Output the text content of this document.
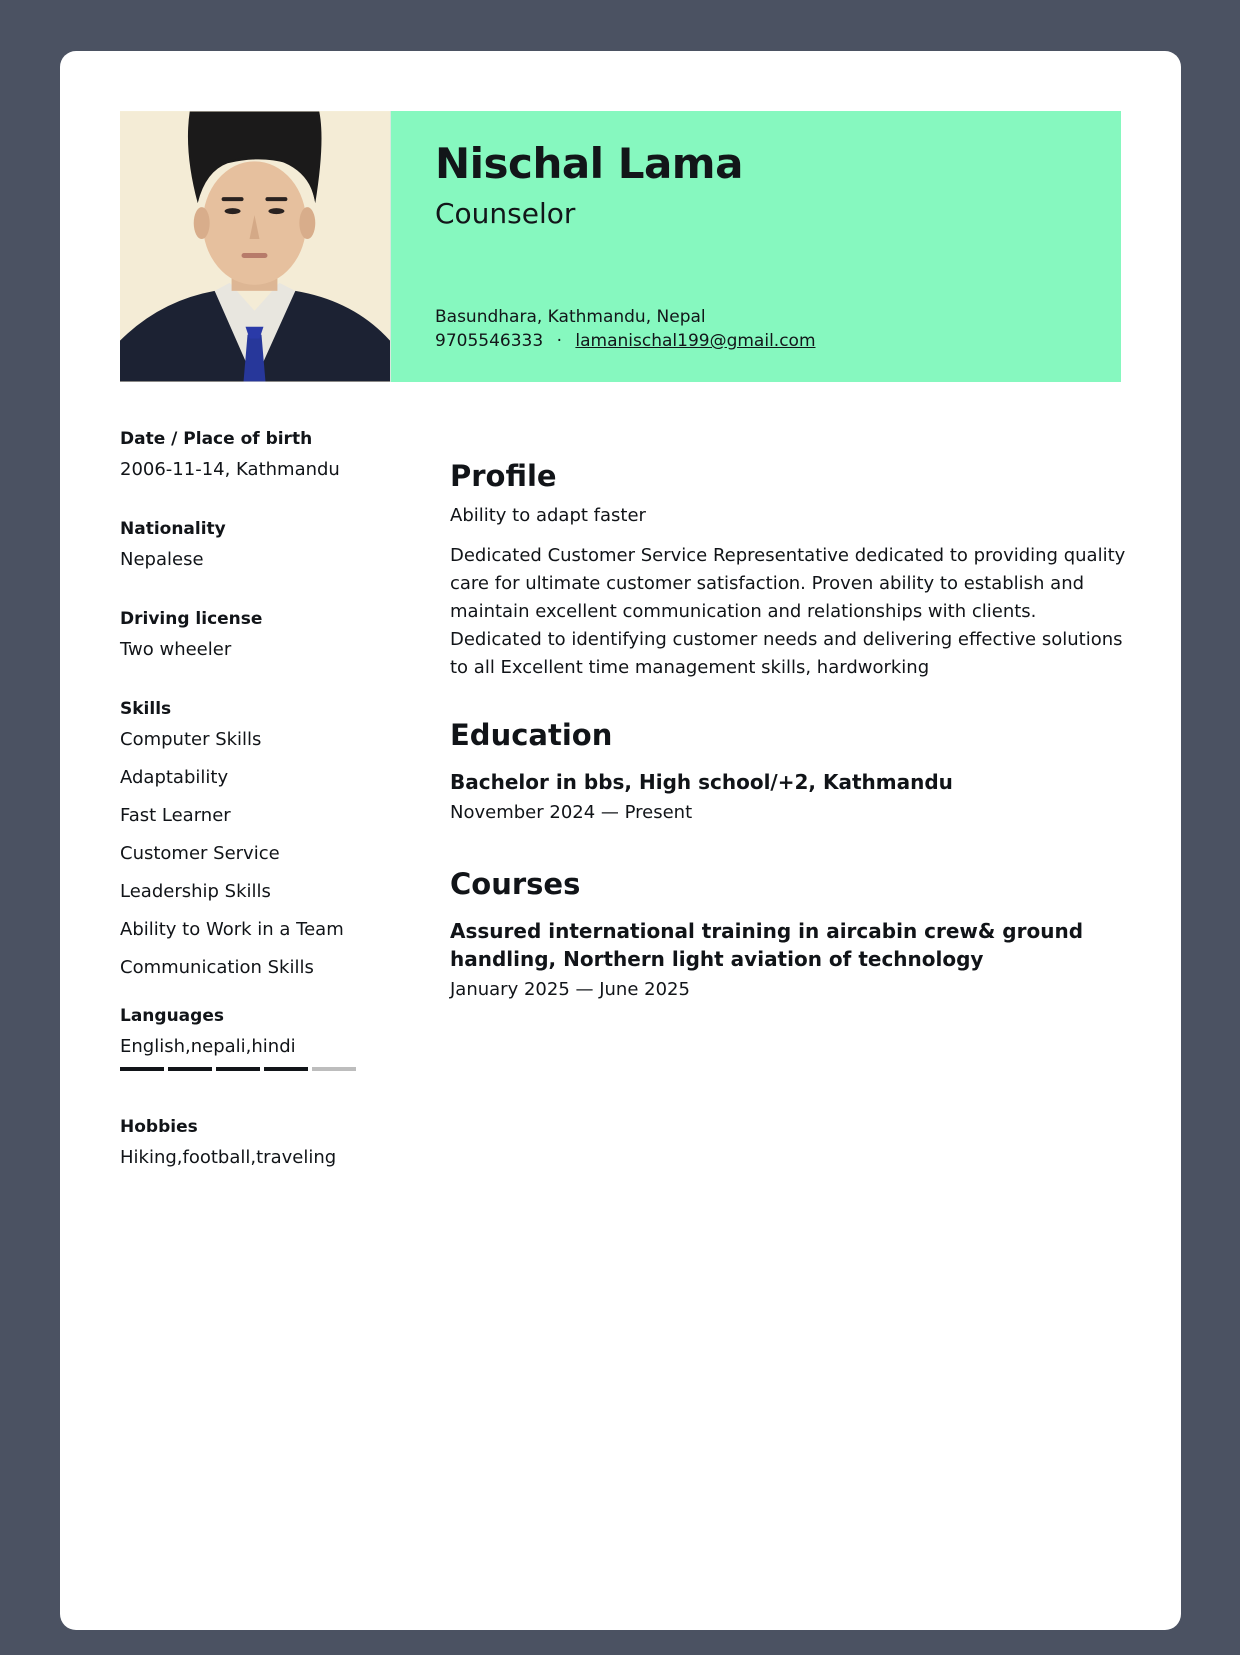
Nischal Lama
Counselor
Basundhara, Kathmandu, Nepal
9705546333 · lamanischal199@gmail.com

Date / Place of birth

2006-11-14, Kathmandu

Nationality

Nepalese

Driving license

Two wheeler

Skills

Computer Skills

Adaptability

Fast Learner

Customer Service

Leadership Skills

Ability to Work in a Team

Communication Skills

Languages

English,nepali,hindi

Hobbies

Hiking,football,traveling

Profile

Ability to adapt faster

Dedicated Customer Service Representative dedicated to providing quality care for ultimate customer satisfaction. Proven ability to establish and maintain excellent communication and relationships with clients. Dedicated to identifying customer needs and delivering effective solutions to all Excellent time management skills, hardworking

Education

Bachelor in bbs, High school/+2, Kathmandu

November 2024 — Present

Courses

Assured international training in aircabin crew& ground handling, Northern light aviation of technology

January 2025 — June 2025
